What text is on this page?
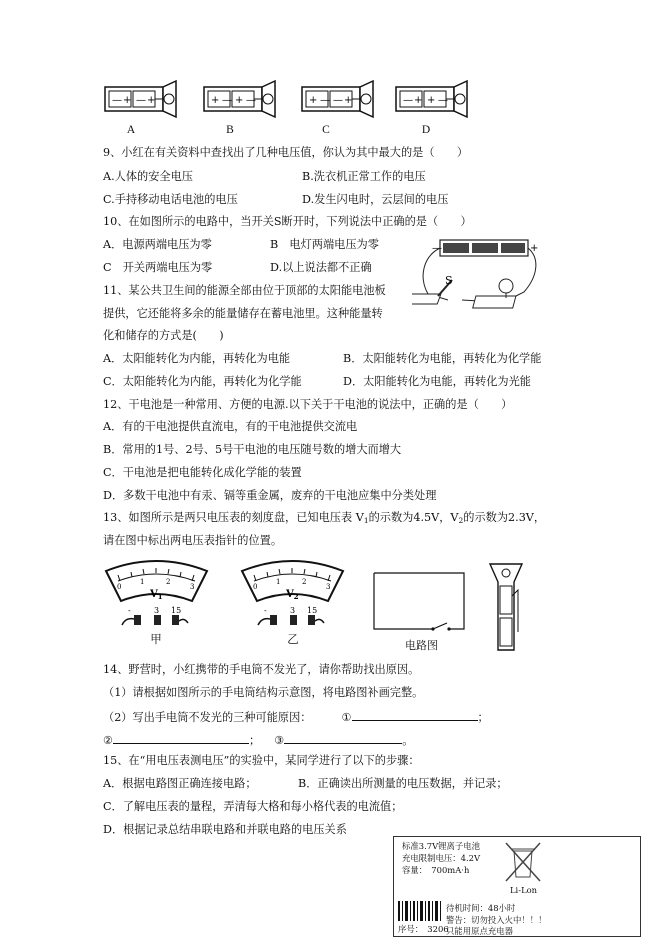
— + — +	+ — + —	+ — — +	— + + —
A	B	C	D
9、小红在有关资料中查找出了几种电压值，你认为其中最大的是（　　）
A.人体的安全电压	B.洗衣机正常工作的电压
C.手持移动电话电池的电压	D.发生闪电时，云层间的电压
10、在如图所示的电路中，当开关S断开时，下列说法中正确的是（　　）
A．电源两端电压为零	B　电灯两端电压为零
C　开关两端电压为零	D.以上说法都不正确
—	+
S
11、某公共卫生间的能源全部由位于顶部的太阳能电池板
提供，它还能将多余的能量储存在蓄电池里。这种能量转
化和储存的方式是(　　)
A．太阳能转化为内能，再转化为电能	B．太阳能转化为电能，再转化为化学能
C．太阳能转化为内能，再转化为化学能	D．太阳能转化为电能，再转化为光能
12、干电池是一种常用、方便的电源.以下关于干电池的说法中，正确的是（　　）
A．有的干电池提供直流电，有的干电池提供交流电
B．常用的1号、2号、5号干电池的电压随号数的增大而增大
C．干电池是把电能转化成化学能的装置
D．多数干电池中有汞、镉等重金属，废弃的干电池应集中分类处理
13、如图所示是两只电压表的刻度盘，已知电压表 $V_1$的示数为4.5V，$V_2$的示数为2.3V，
请在图中标出两电压表指针的位置。
0
1	2
3
$V_1$
-	3 15
甲
0
1	2
3
$V_2$
-	3 15
乙	电路图
14、野营时，小红携带的手电筒不发光了，请你帮助找出原因。
（1）请根据如图所示的手电筒结构示意图，将电路图补画完整。
（2）写出手电筒不发光的三种可能原因：	①	；
②	； ③	。
15、在“用电压表测电压”的实验中，某同学进行了以下的步骤：
A．根据电路图正确连接电路；	B．正确读出所测量的电压数据，并记录；
C．了解电压表的量程，弄清每大格和每小格代表的电流值；
D．根据记录总结串联电路和并联电路的电压关系
标准3.7V锂离子电池
充电限制电压：4.2V
容量：　700mA·h
Li-Lon
待机时间：48小时
警告：切勿投入火中！！！
只能用原点充电器
序号：　3206
